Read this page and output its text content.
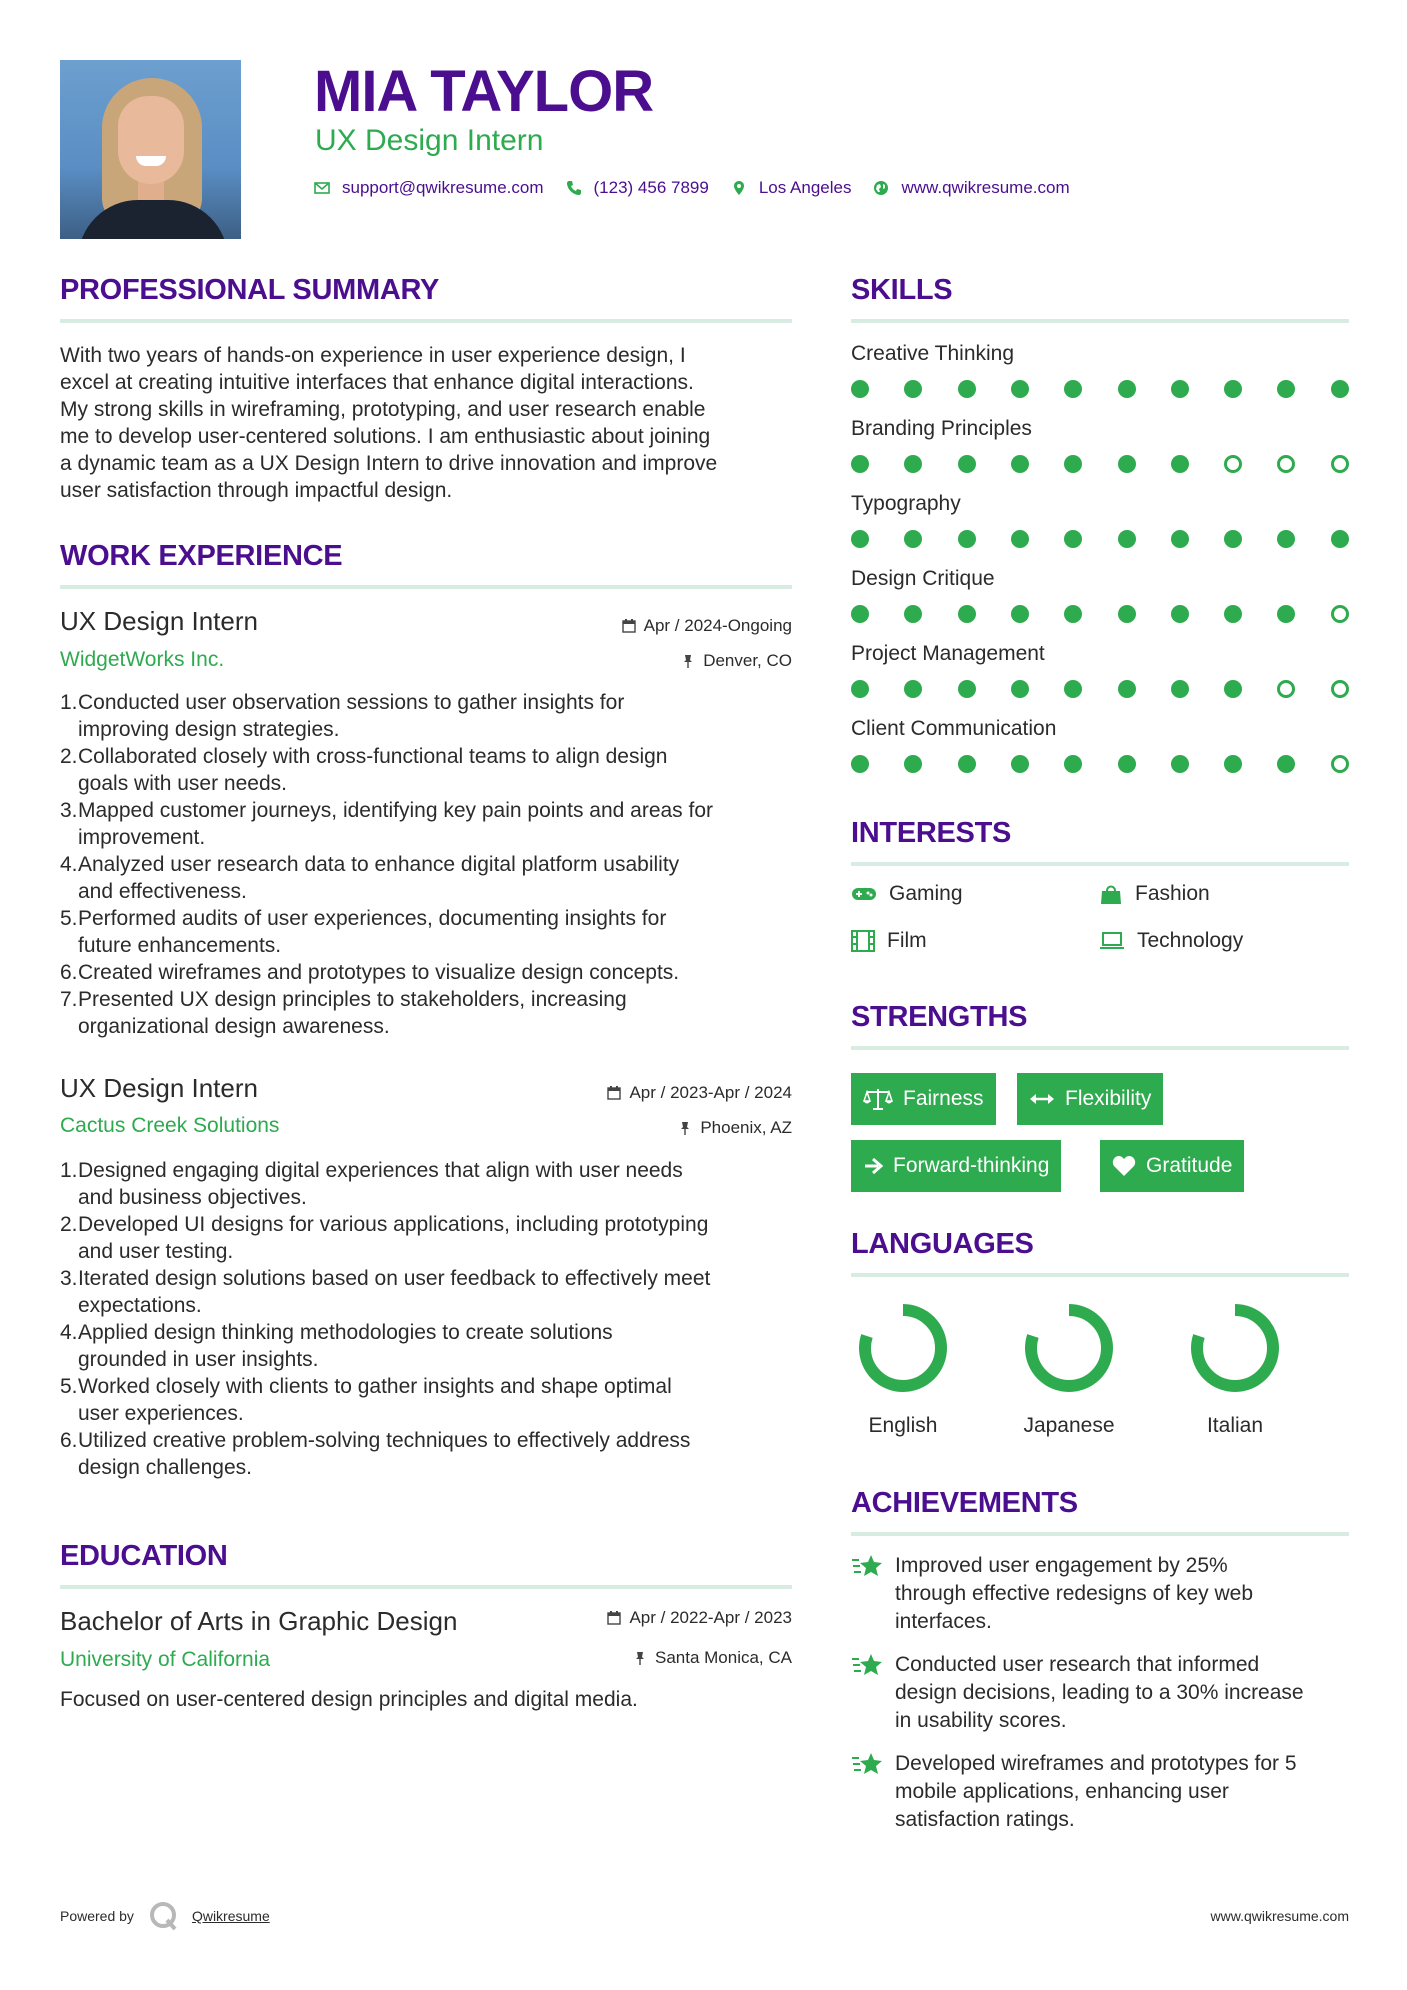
MIA TAYLOR
UX Design Intern
support@qwikresume.com	(123) 456 7899	Los Angeles	www.qwikresume.com
PROFESSIONAL SUMMARY
With two years of hands-on experience in user experience design, I
excel at creating intuitive interfaces that enhance digital interactions.
My strong skills in wireframing, prototyping, and user research enable
me to develop user-centered solutions. I am enthusiastic about joining
a dynamic team as a UX Design Intern to drive innovation and improve
user satisfaction through impactful design.
WORK EXPERIENCE
UX Design Intern
WidgetWorks Inc.
Apr / 2024-Ongoing
Denver, CO
1. Conducted user observation sessions to gather insights for
improving design strategies.
2. Collaborated closely with cross-functional teams to align design
goals with user needs.
3. Mapped customer journeys, identifying key pain points and areas for
improvement.
4. Analyzed user research data to enhance digital platform usability
and effectiveness.
5. Performed audits of user experiences, documenting insights for
future enhancements.
6. Created wireframes and prototypes to visualize design concepts.
7. Presented UX design principles to stakeholders, increasing
organizational design awareness.
UX Design Intern
Cactus Creek Solutions
Apr / 2023-Apr / 2024
Phoenix, AZ
1. Designed engaging digital experiences that align with user needs
and business objectives.
2. Developed UI designs for various applications, including prototyping
and user testing.
3. Iterated design solutions based on user feedback to effectively meet
expectations.
4. Applied design thinking methodologies to create solutions
grounded in user insights.
5. Worked closely with clients to gather insights and shape optimal
user experiences.
6. Utilized creative problem-solving techniques to effectively address
design challenges.
EDUCATION
Bachelor of Arts in Graphic Design
University of California
Apr / 2022-Apr / 2023
Santa Monica, CA
Focused on user-centered design principles and digital media.
SKILLS
Creative Thinking
Branding Principles
Typography
Design Critique
Project Management
Client Communication
INTERESTS
Gaming	Fashion
Film	Technology
STRENGTHS
Fairness	Flexibility
Forward-thinking	Gratitude
LANGUAGES
English	Japanese	Italian
ACHIEVEMENTS
Improved user engagement by 25%
through effective redesigns of key web
interfaces.
Conducted user research that informed
design decisions, leading to a 30% increase
in usability scores.
Developed wireframes and prototypes for 5
mobile applications, enhancing user
satisfaction ratings.
Powered by	Qwikresume	www.qwikresume.com
